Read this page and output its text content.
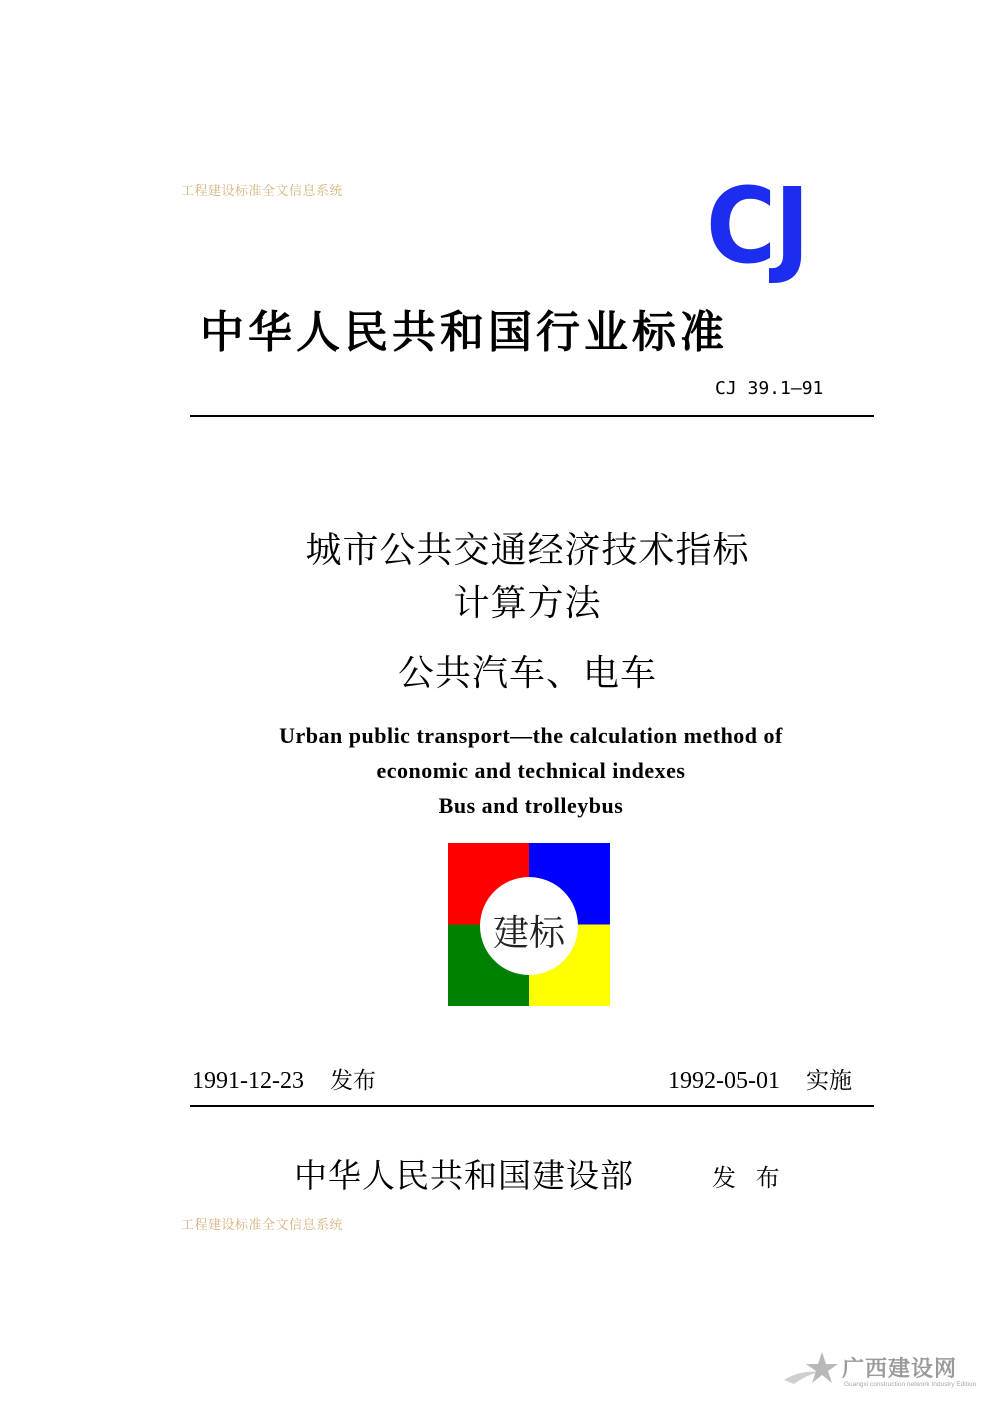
工程建设标准全文信息系统	CJ
中华人民共和国行业标准
CJ 39.1—91
城市公共交通经济技术指标
计算方法
公共汽车、电车
Urban public transport—the calculation method of
economic and technical indexes
Bus and trolleybus
建标
1991-12-23 发布	1992-05-01 实施
中华人民共和国建设部	发 布
工程建设标准全文信息系统
广西建设网
Guangxi construction network Industry Edition
